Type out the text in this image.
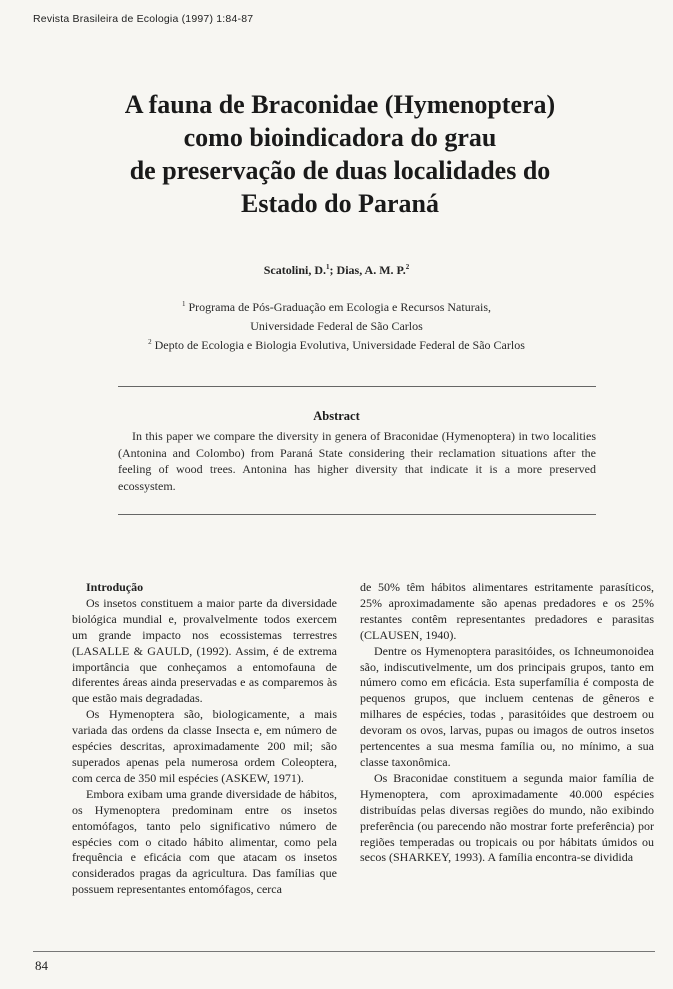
Revista Brasileira de Ecologia (1997) 1:84-87
A fauna de Braconidae (Hymenoptera)
como bioindicadora do grau
de preservação de duas localidades do
Estado do Paraná
Scatolini, D.$^1$; Dias, A. M. P.$^2$
$^1$ Programa de Pós-Graduação em Ecologia e Recursos Naturais,
Universidade Federal de São Carlos
$^2$ Depto de Ecologia e Biologia Evolutiva, Universidade Federal de São Carlos
Abstract

In this paper we compare the diversity in genera of Braconidae (Hymenoptera) in two localities (Antonina and Colombo) from Paraná State considering their reclamation situations after the feeling of wood trees. Antonina has higher diversity that indicate it is a more preserved ecossystem.

Introdução

Os insetos constituem a maior parte da diversidade biológica mundial e, provalvelmente todos exercem um grande impacto nos ecossistemas terrestres (LASALLE & GAULD, (1992). Assim, é de extrema importância que conheçamos a entomofauna de diferentes áreas ainda preservadas e as comparemos às que estão mais degradadas.

Os Hymenoptera são, biologicamente, a mais variada das ordens da classe Insecta e, em número de espécies descritas, aproximadamente 200 mil; são superados apenas pela numerosa ordem Coleoptera, com cerca de 350 mil espécies (ASKEW, 1971).

Embora exibam uma grande diversidade de hábitos, os Hymenoptera predominam entre os insetos entomófagos, tanto pelo significativo número de espécies com o citado hábito alimentar, como pela frequência e eficácia com que atacam os insetos considerados pragas da agricultura. Das famílias que possuem representantes entomófagos, cerca

de 50% têm hábitos alimentares estritamente parasíticos, 25% aproximadamente são apenas predadores e os 25% restantes contêm representantes predadores e parasitas (CLAUSEN, 1940).

Dentre os Hymenoptera parasitóides, os Ichneumonoidea são, indiscutivelmente, um dos principais grupos, tanto em número como em eficácia. Esta superfamília é composta de pequenos grupos, que incluem centenas de gêneros e milhares de espécies, todas , parasitóides que destroem ou devoram os ovos, larvas, pupas ou imagos de outros insetos pertencentes a sua mesma família ou, no mínimo, a sua classe taxonômica.

Os Braconidae constituem a segunda maior família de Hymenoptera, com aproximadamente 40.000 espécies distribuídas pelas diversas regiões do mundo, não exibindo preferência (ou parecendo não mostrar forte preferência) por regiões temperadas ou tropicais ou por hábitats úmidos ou secos (SHARKEY, 1993). A família encontra-se dividida

84
